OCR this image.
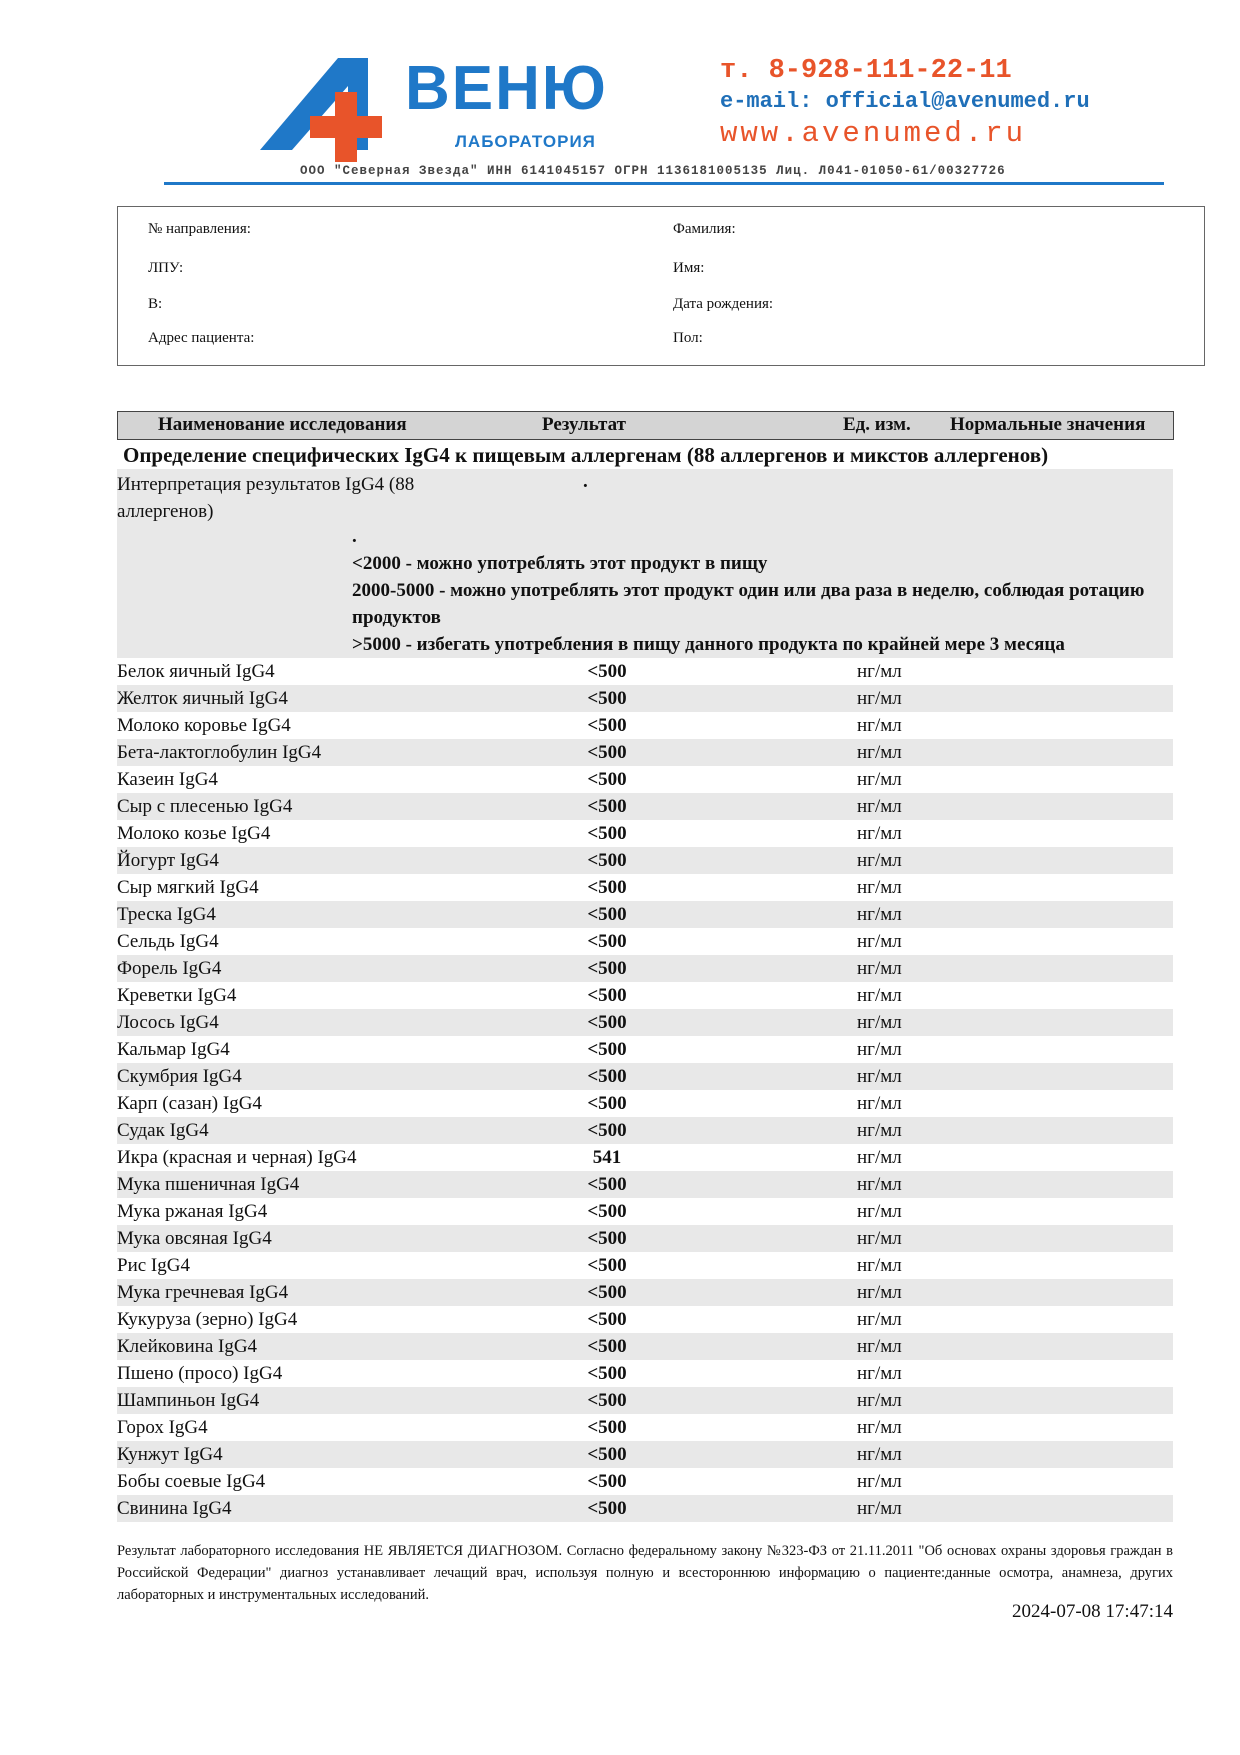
ВЕНЮ
ЛАБОРАТОРИЯ
т. 8-928-111-22-11
e-mail: official@avenumed.ru
www.avenumed.ru
ООО "Северная Звезда" ИНН 6141045157 ОГРН 1136181005135 Лиц. Л041-01050-61/00327726
№ направления:
ЛПУ:
В:
Адрес пациента:
Фамилия:
Имя:
Дата рождения:
Пол:
Наименование исследования	Результат	Ед. изм. Нормальные значения
Определение специфических IgG4 к пищевым аллергенам (88 аллергенов и микстов аллергенов)
Интерпретация результатов IgG4 (88 аллергенов)
.
.
<2000 - можно употреблять этот продукт в пищу
2000-5000 - можно употреблять этот продукт один или два раза в неделю, соблюдая ротацию продуктов
>5000 - избегать употребления в пищу данного продукта по крайней мере 3 месяца
Белок яичный IgG4	<500	нг/мл
Желток яичный IgG4	<500	нг/мл
Молоко коровье IgG4	<500	нг/мл
Бета-лактоглобулин IgG4	<500	нг/мл
Казеин IgG4	<500	нг/мл
Сыр с плесенью IgG4	<500	нг/мл
Молоко козье IgG4	<500	нг/мл
Йогурт IgG4	<500	нг/мл
Сыр мягкий IgG4	<500	нг/мл
Треска IgG4	<500	нг/мл
Сельдь IgG4	<500	нг/мл
Форель IgG4	<500	нг/мл
Креветки IgG4	<500	нг/мл
Лосось IgG4	<500	нг/мл
Кальмар IgG4	<500	нг/мл
Скумбрия IgG4	<500	нг/мл
Карп (сазан) IgG4	<500	нг/мл
Судак IgG4	<500	нг/мл
Икра (красная и черная) IgG4	541	нг/мл
Мука пшеничная IgG4	<500	нг/мл
Мука ржаная IgG4	<500	нг/мл
Мука овсяная IgG4	<500	нг/мл
Рис IgG4	<500	нг/мл
Мука гречневая IgG4	<500	нг/мл
Кукуруза (зерно) IgG4	<500	нг/мл
Клейковина IgG4	<500	нг/мл
Пшено (просо) IgG4	<500	нг/мл
Шампиньон IgG4	<500	нг/мл
Горох IgG4	<500	нг/мл
Кунжут IgG4	<500	нг/мл
Бобы соевые IgG4	<500	нг/мл
Свинина IgG4	<500	нг/мл
Результат лабораторного исследования НЕ ЯВЛЯЕТСЯ ДИАГНОЗОМ. Согласно федеральному закону №323-ФЗ от 21.11.2011 "Об основах охраны здоровья граждан в Российской Федерации" диагноз устанавливает лечащий врач, используя полную и всестороннюю информацию о пациенте:данные осмотра, анамнеза, других лабораторных и инструментальных исследований.
2024-07-08 17:47:14
